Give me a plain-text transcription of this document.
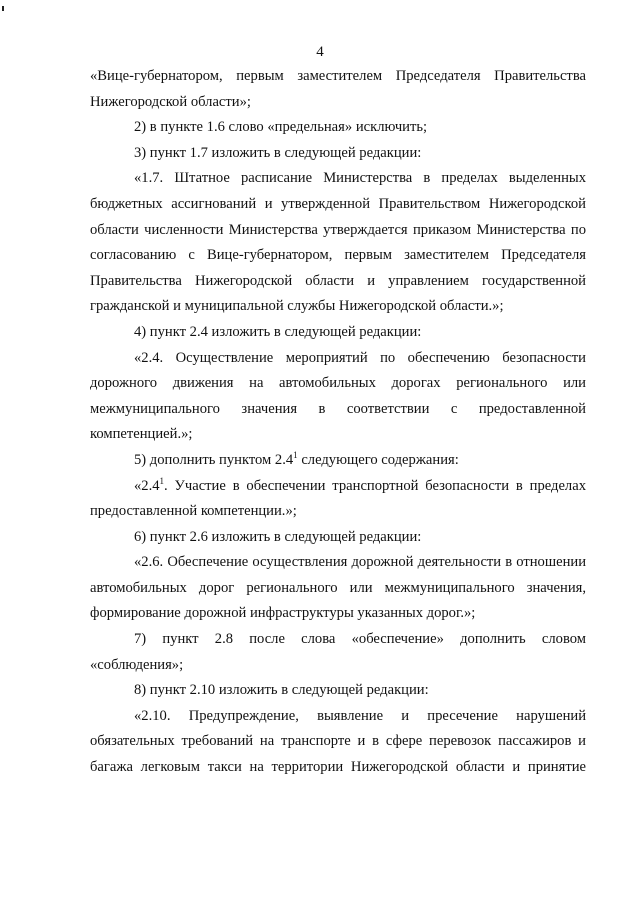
4

«Вице-губернатором, первым заместителем Председателя Правительства Нижегородской области»;

2) в пункте 1.6 слово «предельная» исключить;

3) пункт 1.7 изложить в следующей редакции:

«1.7. Штатное расписание Министерства в пределах выделенных бюджетных ассигнований и утвержденной Правительством Нижегородской области численности Министерства утверждается приказом Министерства по согласованию с Вице-губернатором, первым заместителем Председателя Правительства Нижегородской области и управлением государственной гражданской и муниципальной службы Нижегородской области.»;

4) пункт 2.4 изложить в следующей редакции:

«2.4. Осуществление мероприятий по обеспечению безопасности дорожного движения на автомобильных дорогах регионального или межмуниципального значения в соответствии с предоставленной компетенцией.»;

5) дополнить пунктом $2.4^1$ следующего содержания:

«$2.4^1$. Участие в обеспечении транспортной безопасности в пределах предоставленной компетенции.»;

6) пункт 2.6 изложить в следующей редакции:

«2.6. Обеспечение осуществления дорожной деятельности в отношении автомобильных дорог регионального или межмуниципального значения, формирование дорожной инфраструктуры указанных дорог.»;

7) пункт 2.8 после слова «обеспечение» дополнить словом «соблюдения»;

8) пункт 2.10 изложить в следующей редакции:

«2.10. Предупреждение, выявление и пресечение нарушений обязательных требований на транспорте и в сфере перевозок пассажиров и багажа легковым такси на территории Нижегородской области и принятие
